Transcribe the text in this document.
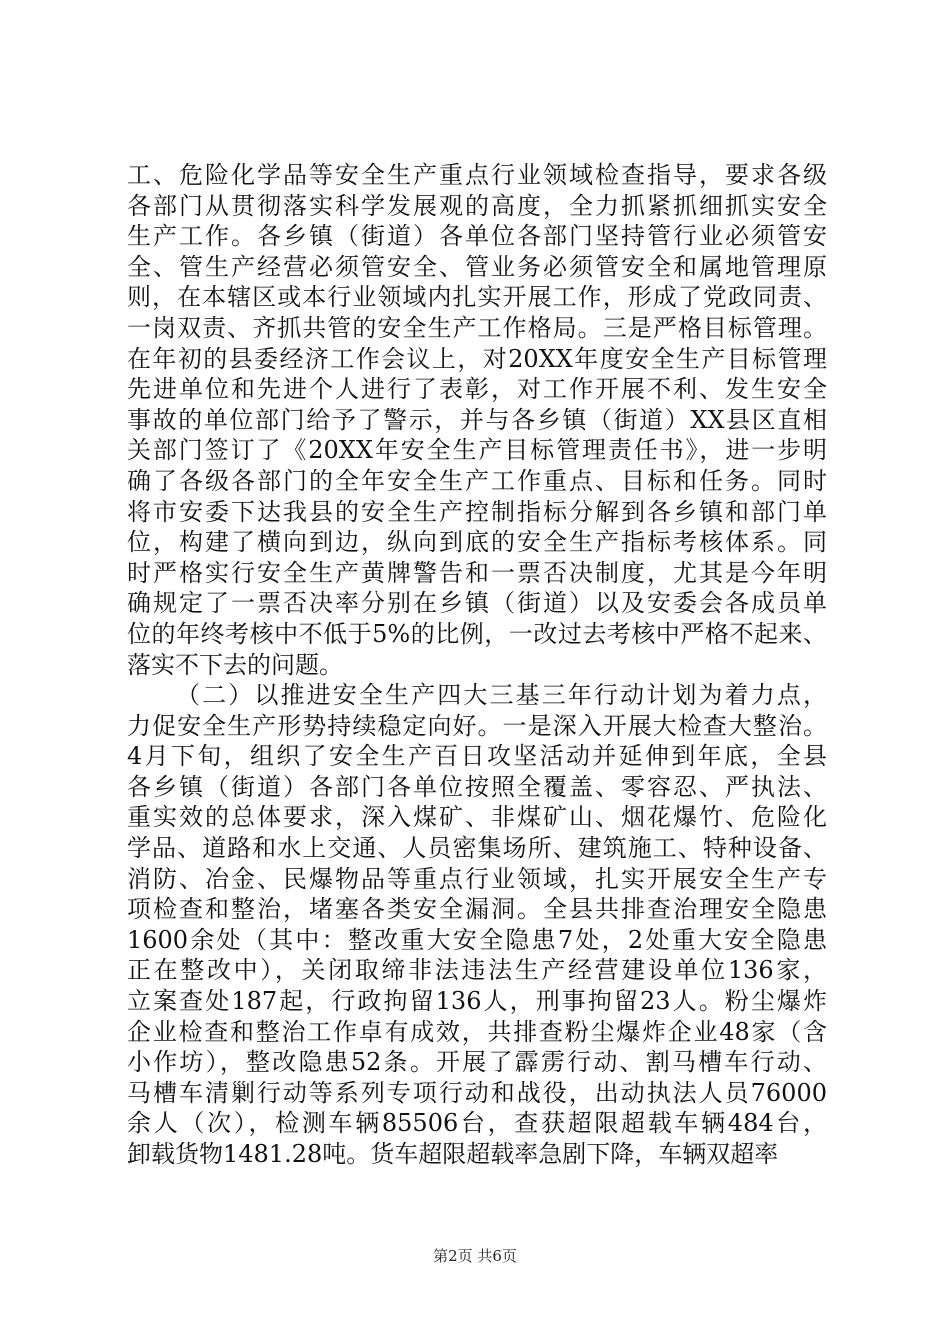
工、危险化学品等安全生产重点行业领域检查指导，要求各级
各部门从贯彻落实科学发展观的高度，全力抓紧抓细抓实安全
生产工作。各乡镇（街道）各单位各部门坚持管行业必须管安
全、管生产经营必须管安全、管业务必须管安全和属地管理原
则，在本辖区或本行业领域内扎实开展工作，形成了党政同责、
一岗双责、齐抓共管的安全生产工作格局。三是严格目标管理。
在年初的县委经济工作会议上，对20XX年度安全生产目标管理
先进单位和先进个人进行了表彰，对工作开展不利、发生安全
事故的单位部门给予了警示，并与各乡镇（街道）XX县区直相
关部门签订了《20XX年安全生产目标管理责任书》，进一步明
确了各级各部门的全年安全生产工作重点、目标和任务。同时
将市安委下达我县的安全生产控制指标分解到各乡镇和部门单
位，构建了横向到边，纵向到底的安全生产指标考核体系。同
时严格实行安全生产黄牌警告和一票否决制度，尤其是今年明
确规定了一票否决率分别在乡镇（街道）以及安委会各成员单
位的年终考核中不低于5%的比例，一改过去考核中严格不起来、
落实不下去的问题。
（二）以推进安全生产四大三基三年行动计划为着力点，
力促安全生产形势持续稳定向好。一是深入开展大检查大整治。
4月下旬，组织了安全生产百日攻坚活动并延伸到年底，全县
各乡镇（街道）各部门各单位按照全覆盖、零容忍、严执法、
重实效的总体要求，深入煤矿、非煤矿山、烟花爆竹、危险化
学品、道路和水上交通、人员密集场所、建筑施工、特种设备、
消防、冶金、民爆物品等重点行业领域，扎实开展安全生产专
项检查和整治，堵塞各类安全漏洞。全县共排查治理安全隐患
1600余处（其中：整改重大安全隐患7处，2处重大安全隐患
正在整改中），关闭取缔非法违法生产经营建设单位136家，
立案查处187起，行政拘留136人，刑事拘留23人。粉尘爆炸
企业检查和整治工作卓有成效，共排查粉尘爆炸企业48家（含
小作坊），整改隐患52条。开展了霹雳行动、割马槽车行动、
马槽车清剿行动等系列专项行动和战役，出动执法人员76000
余人（次），检测车辆85506台，查获超限超载车辆484台，
卸载货物1481.28吨。货车超限超载率急剧下降，车辆双超率
第2页 共6页
